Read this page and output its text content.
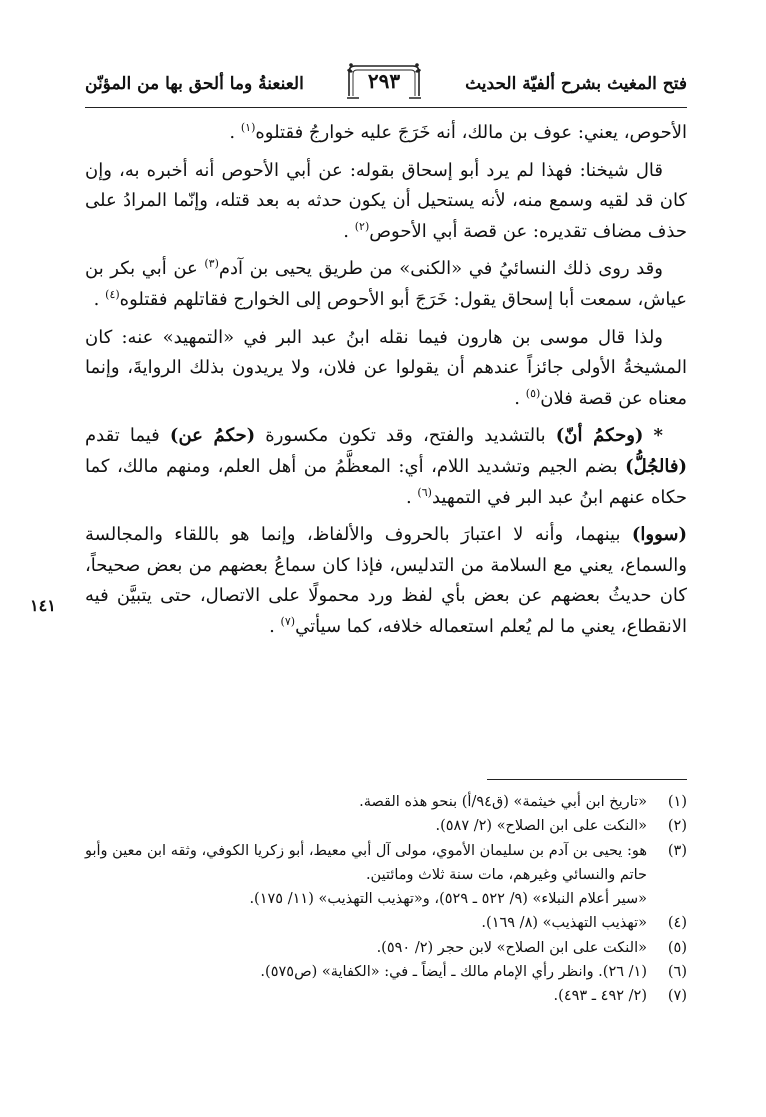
فتح المغيث بشرح ألفيّة الحديث
٢٩٣
العنعنةُ وما ألحق بها من المؤنّن
١٤١

الأحوص، يعني: عوف بن مالك، أنه خَرَجَ عليه خوارجُ فقتلوه$^{(١)}$ .

قال شيخنا: فهذا لم يرد أبو إسحاق بقوله: عن أبي الأحوص أنه أخبره به، وإن كان قد لقيه وسمع منه، لأنه يستحيل أن يكون حدثه به بعد قتله، وإنّما المرادُ على حذف مضاف تقديره: عن قصة أبي الأحوص$^{(٢)}$ .

وقد روى ذلك النسائيُ في «الكنى» من طريق يحيى بن آدم$^{(٣)}$ عن أبي بكر بن عياش، سمعت أبا إسحاق يقول: خَرَجَ أبو الأحوص إلى الخوارج فقاتلهم فقتلوه$^{(٤)}$ .

ولذا قال موسى بن هارون فيما نقله ابنُ عبد البر في «التمهيد» عنه: كان المشيخةُ الأولى جائزاً عندهم أن يقولوا عن فلان، ولا يريدون بذلك الروايةَ، وإنما معناه عن قصة فلان$^{(٥)}$ .

* (وحكمُ أنّ) بالتشديد والفتح، وقد تكون مكسورة (حكمُ عن) فيما تقدم (فالجُلُّ) بضم الجيم وتشديد اللام، أي: المعظَّمُ من أهل العلم، ومنهم مالك، كما حكاه عنهم ابنُ عبد البر في التمهيد$^{(٦)}$ .

(سووا) بينهما، وأنه لا اعتبارَ بالحروف والألفاظ، وإنما هو باللقاء والمجالسة والسماع، يعني مع السلامة من التدليس، فإذا كان سماعُ بعضهم من بعض صحيحاً، كان حديثُ بعضهم عن بعض بأي لفظ ورد محمولًا على الاتصال، حتى يتبيَّن فيه الانقطاع، يعني ما لم يُعلم استعماله خلافه، كما سيأتي$^{(٧)}$ .

(١)
«تاريخ ابن أبي خيثمة» (ق٩٤/أ) بنحو هذه القصة.
(٢)
«النكت على ابن الصلاح» (٢/ ٥٨٧).
(٣)
هو: يحيى بن آدم بن سليمان الأموي، مولى آل أبي معيط، أبو زكريا الكوفي، وثقه ابن معين وأبو حاتم والنسائي وغيرهم، مات سنة ثلاث ومائتين.
«سير أعلام النبلاء» (٩/ ٥٢٢ ـ ٥٢٩)، و«تهذيب التهذيب» (١١/ ١٧٥).
(٤)
«تهذيب التهذيب» (٨/ ١٦٩).
(٥)
«النكت على ابن الصلاح» لابن حجر (٢/ ٥٩٠).
(٦)
(١/ ٢٦). وانظر رأي الإمام مالك ـ أيضاً ـ في: «الكفاية» (ص٥٧٥).
(٧)
(٢/ ٤٩٢ ـ ٤٩٣).
